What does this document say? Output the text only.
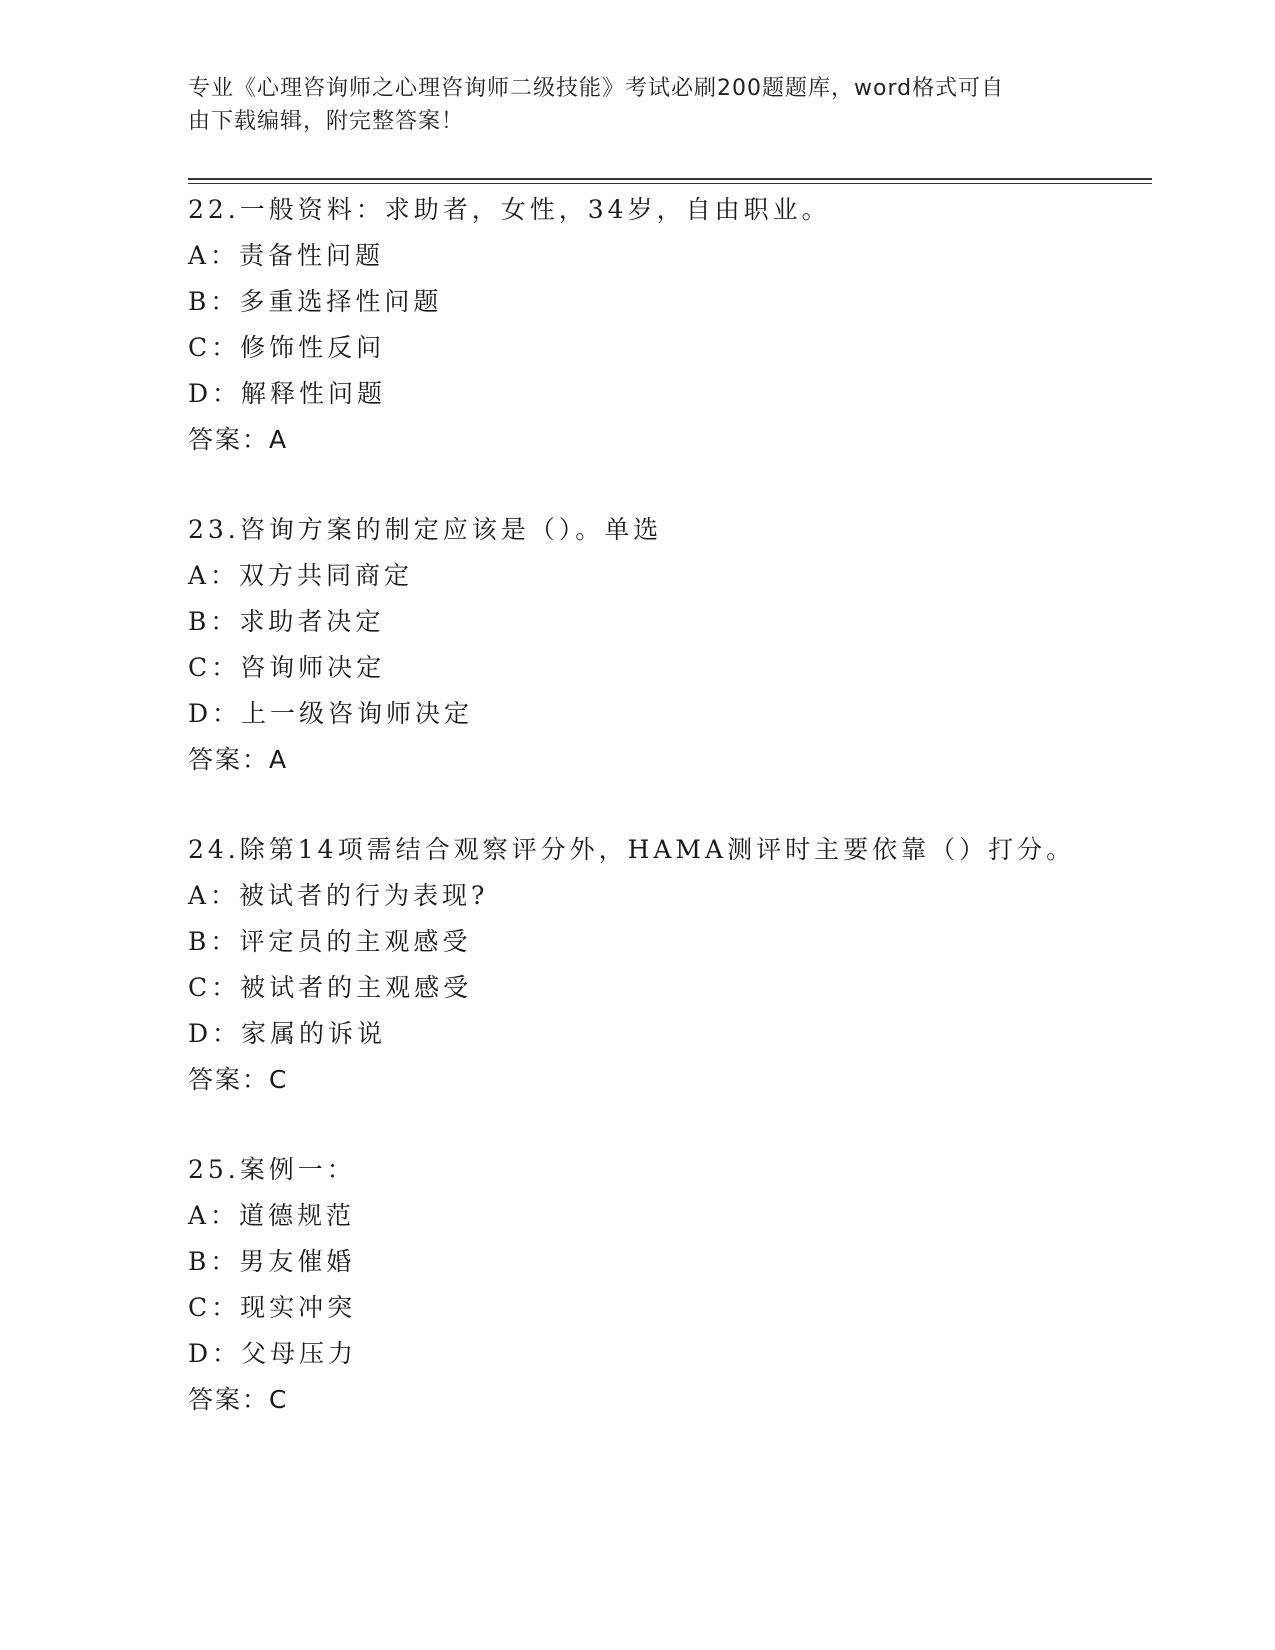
专业《心理咨询师之心理咨询师二级技能》考试必刷200题题库，word格式可自
由下载编辑，附完整答案！
22.一般资料：求助者，女性，34岁，自由职业。
A：责备性问题
B：多重选择性问题
C：修饰性反问
D：解释性问题
答案：A
23.咨询方案的制定应该是（）。单选
A：双方共同商定
B：求助者决定
C：咨询师决定
D：上一级咨询师决定
答案：A
24.除第14项需结合观察评分外，HAMA测评时主要依靠（）打分。
A：被试者的行为表现?
B：评定员的主观感受
C：被试者的主观感受
D：家属的诉说
答案：C
25.案例一：
A：道德规范
B：男友催婚
C：现实冲突
D：父母压力
答案：C
